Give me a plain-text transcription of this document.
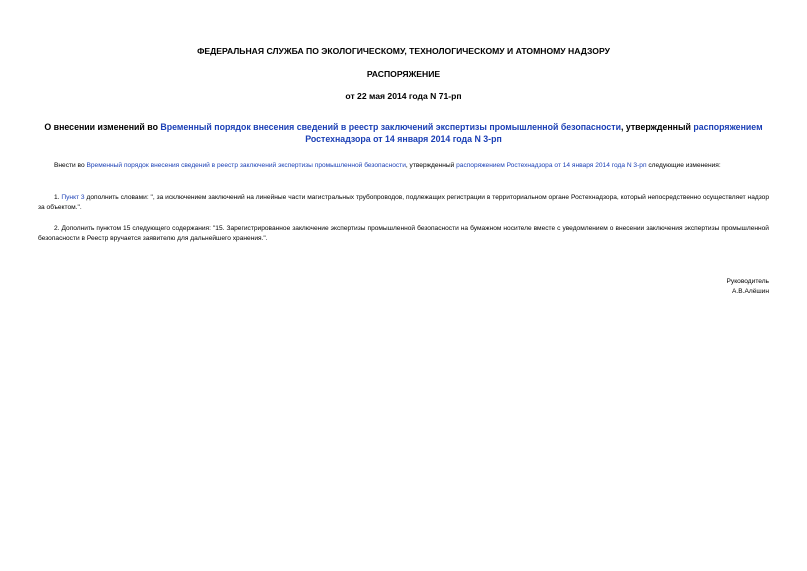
ФЕДЕРАЛЬНАЯ СЛУЖБА ПО ЭКОЛОГИЧЕСКОМУ, ТЕХНОЛОГИЧЕСКОМУ И АТОМНОМУ НАДЗОРУ
РАСПОРЯЖЕНИЕ
от 22 мая 2014 года N 71-рп
О внесении изменений во Временный порядок внесения сведений в реестр заключений экспертизы промышленной безопасности, утвержденный распоряжением Ростехнадзора от 14 января 2014 года N 3-рп
Внести во Временный порядок внесения сведений в реестр заключений экспертизы промышленной безопасности, утвержденный распоряжением Ростехнадзора от 14 января 2014 года N 3-рп следующие изменения:
1. Пункт 3 дополнить словами: ", за исключением заключений на линейные части магистральных трубопроводов, подлежащих регистрации в территориальном органе Ростехнадзора, который непосредственно осуществляет надзор за объектом.".
2. Дополнить пунктом 15 следующего содержания: "15. Зарегистрированное заключение экспертизы промышленной безопасности на бумажном носителе вместе с уведомлением о внесении заключения экспертизы промышленной безопасности в Реестр вручается заявителю для дальнейшего хранения.".
Руководитель
А.В.Алёшин
